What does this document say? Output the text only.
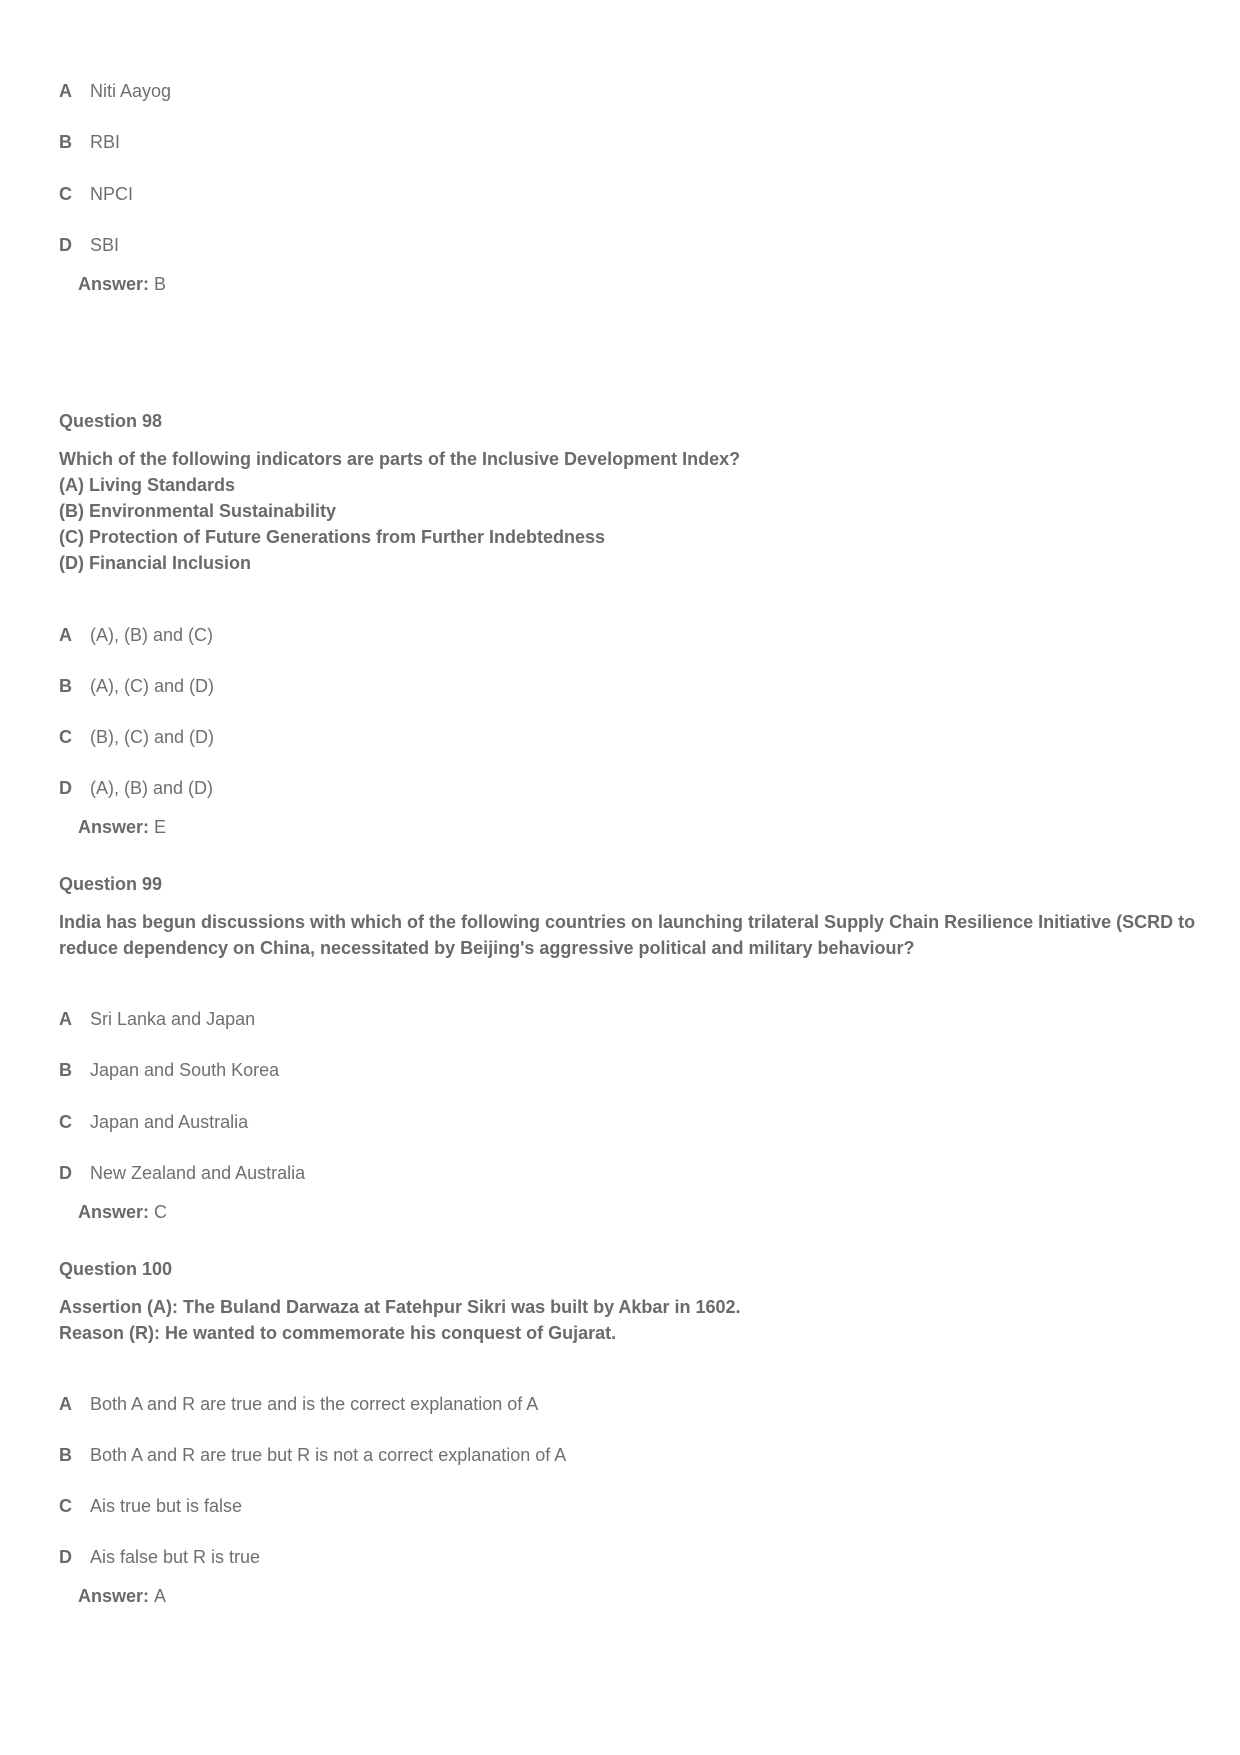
A	Niti Aayog
B	RBI
C	NPCI
D	SBI
Answer: B
Question 98
Which of the following indicators are parts of the Inclusive Development Index?
(A) Living Standards
(B) Environmental Sustainability
(C) Protection of Future Generations from Further Indebtedness
(D) Financial Inclusion
A	(A), (B) and (C)
B	(A), (C) and (D)
C	(B), (C) and (D)
D	(A), (B) and (D)
Answer: E
Question 99
India has begun discussions with which of the following countries on launching trilateral Supply Chain Resilience Initiative (SCRD to
reduce dependency on China, necessitated by Beijing's aggressive political and military behaviour?
A	Sri Lanka and Japan
B	Japan and South Korea
C	Japan and Australia
D	New Zealand and Australia
Answer: C
Question 100
Assertion (A): The Buland Darwaza at Fatehpur Sikri was built by Akbar in 1602.
Reason (R): He wanted to commemorate his conquest of Gujarat.
A	Both A and R are true and is the correct explanation of A
B	Both A and R are true but R is not a correct explanation of A
C	Ais true but is false
D	Ais false but R is true
Answer: A
